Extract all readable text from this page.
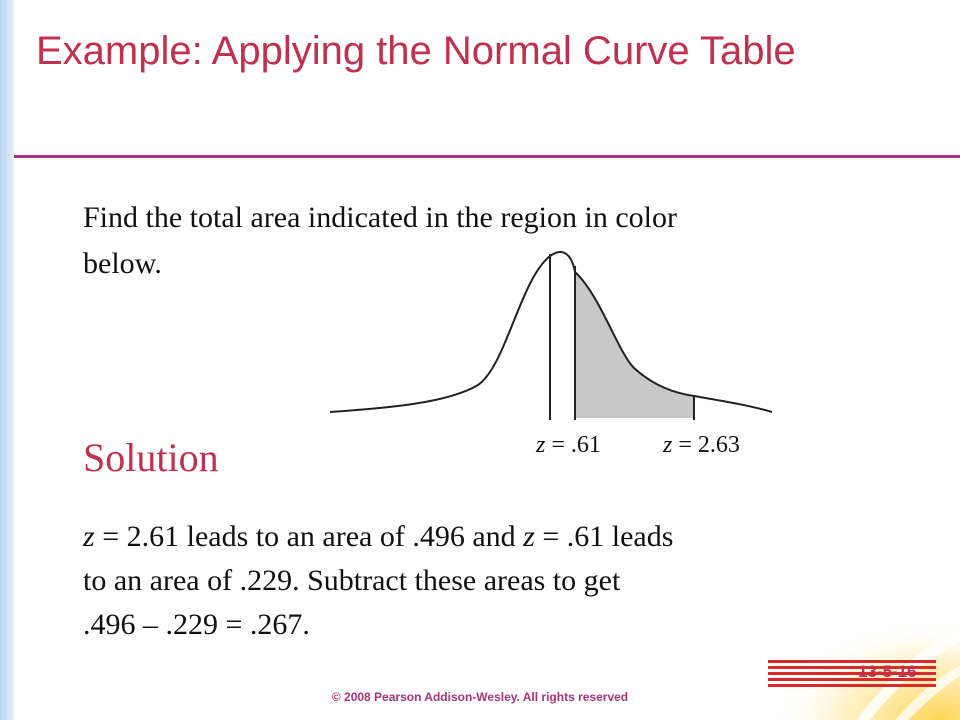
Example: Applying the Normal Curve Table
Find the total area indicated in the region in color below.
z = .61	z = 2.63
Solution
z = 2.61 leads to an area of .496 and z = .61 leads
to an area of .229. Subtract these areas to get
.496 – .229 = .267.
13-5-16
© 2008 Pearson Addison-Wesley. All rights reserved
